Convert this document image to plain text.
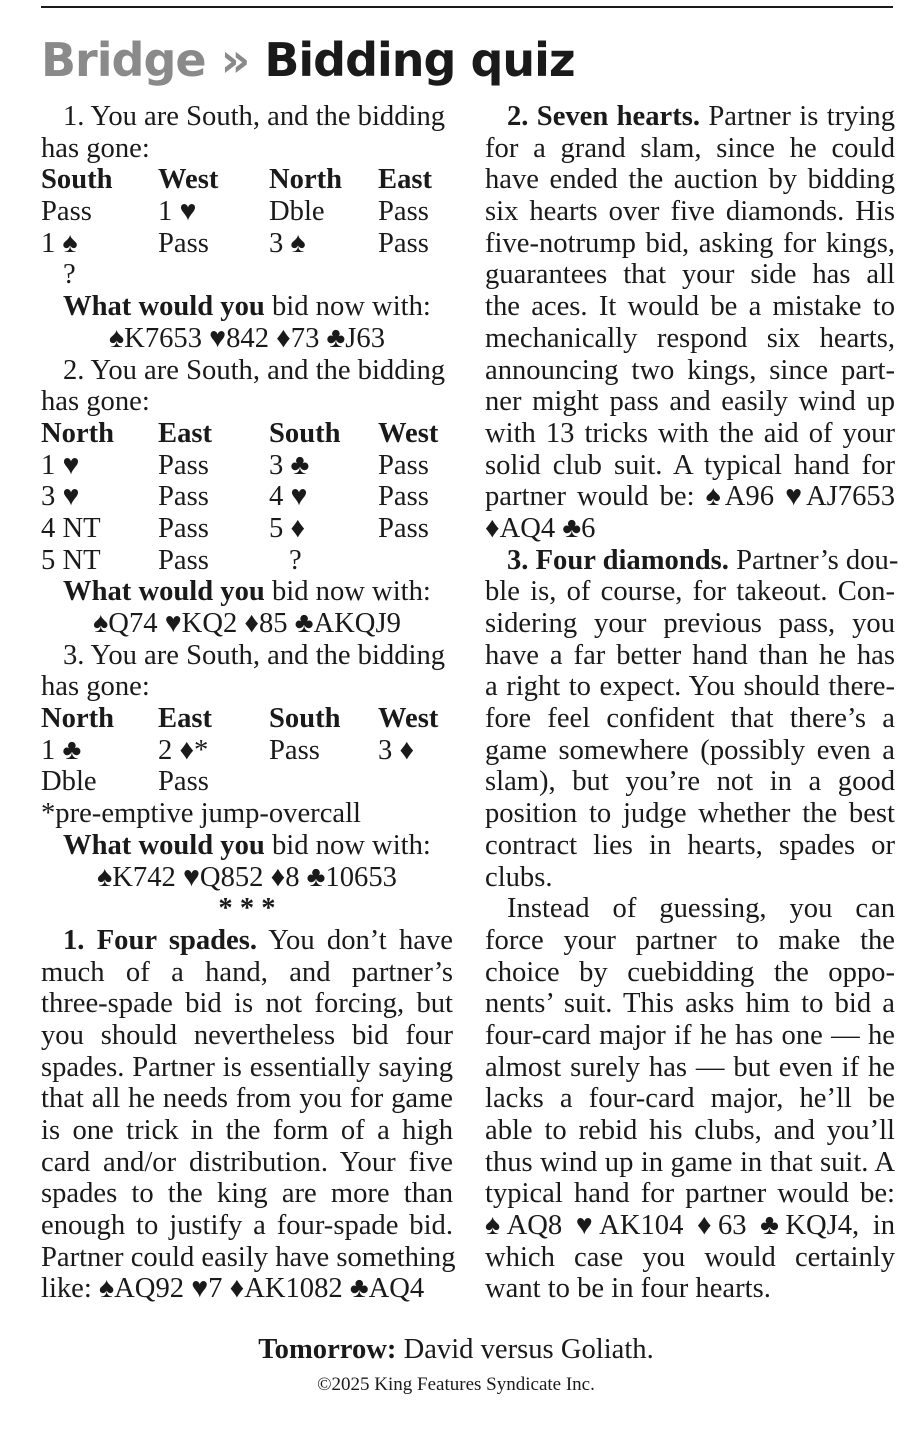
Bridge » Bidding quiz
1. You are South, and the bidding
has gone:
South	West	North	East
Pass	1 ♥	Dble	Pass
1 ♠	Pass	3 ♠	Pass
?
What would you bid now with:
♠K7653 ♥842 ♦73 ♣J63
2. You are South, and the bidding
has gone:
North	East	South	West
1 ♥	Pass	3 ♣	Pass
3 ♥	Pass	4 ♥	Pass
4 NT	Pass	5 ♦	Pass
5 NT	Pass	?
What would you bid now with:
♠Q74 ♥KQ2 ♦85 ♣AKQJ9
3. You are South, and the bidding
has gone:
North	East	South	West
1 ♣	2 ♦*	Pass	3 ♦
Dble	Pass
*pre-emptive jump-overcall
What would you bid now with:
♠K742 ♥Q852 ♦8 ♣10653
* * *
1. Four spades. You don’t have
much of a hand, and partner’s
three-spade bid is not forcing, but
you should nevertheless bid four
spades. Partner is essentially saying
that all he needs from you for game
is one trick in the form of a high
card and/or distribution. Your five
spades to the king are more than
enough to justify a four-spade bid.
Partner could easily have something
like: ♠AQ92 ♥7 ♦AK1082 ♣AQ4
2. Seven hearts. Partner is trying
for a grand slam, since he could
have ended the auction by bidding
six hearts over five diamonds. His
five-notrump bid, asking for kings,
guarantees that your side has all
the aces. It would be a mistake to
mechanically respond six hearts,
announcing two kings, since part-
ner might pass and easily wind up
with 13 tricks with the aid of your
solid club suit. A typical hand for
partner would be: ♠A96 ♥AJ7653
♦AQ4 ♣6
3. Four diamonds. Partner’s dou-
ble is, of course, for takeout. Con-
sidering your previous pass, you
have a far better hand than he has
a right to expect. You should there-
fore feel confident that there’s a
game somewhere (possibly even a
slam), but you’re not in a good
position to judge whether the best
contract lies in hearts, spades or
clubs.
Instead of guessing, you can
force your partner to make the
choice by cuebidding the oppo-
nents’ suit. This asks him to bid a
four-card major if he has one — he
almost surely has — but even if he
lacks a four-card major, he’ll be
able to rebid his clubs, and you’ll
thus wind up in game in that suit. A
typical hand for partner would be:
♠AQ8 ♥AK104 ♦63 ♣KQJ4, in
which case you would certainly
want to be in four hearts.
Tomorrow: David versus Goliath.
©2025 King Features Syndicate Inc.
